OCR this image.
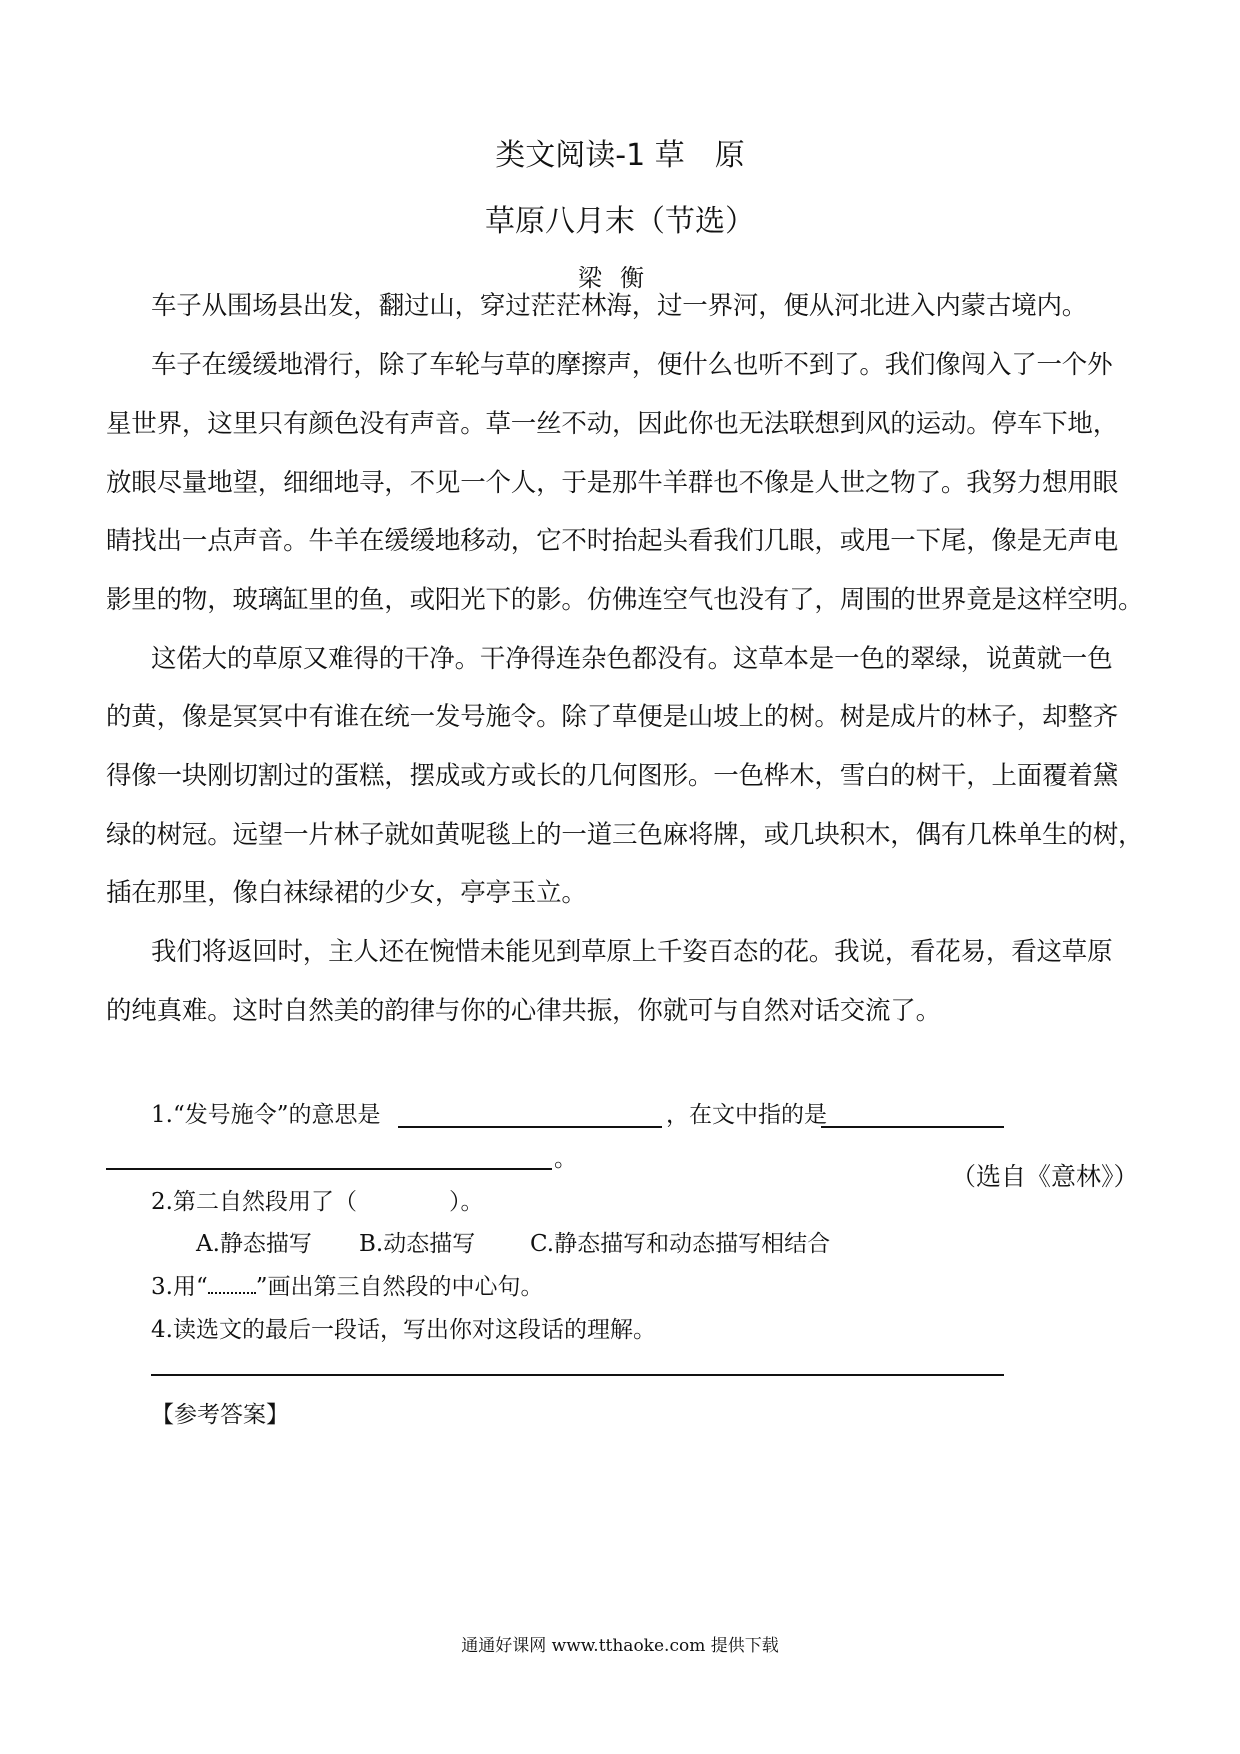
类文阅读-1 草　原
草原八月末（节选）
梁衡
车子从围场县出发，翻过山，穿过茫茫林海，过一界河，便从河北进入内蒙古境内。
车子在缓缓地滑行，除了车轮与草的摩擦声，便什么也听不到了。我们像闯入了一个外
星世界，这里只有颜色没有声音。草一丝不动，因此你也无法联想到风的运动。停车下地，
放眼尽量地望，细细地寻，不见一个人，于是那牛羊群也不像是人世之物了。我努力想用眼
睛找出一点声音。牛羊在缓缓地移动，它不时抬起头看我们几眼，或甩一下尾，像是无声电
影里的物，玻璃缸里的鱼，或阳光下的影。仿佛连空气也没有了，周围的世界竟是这样空明。
这偌大的草原又难得的干净。干净得连杂色都没有。这草本是一色的翠绿，说黄就一色
的黄，像是冥冥中有谁在统一发号施令。除了草便是山坡上的树。树是成片的林子，却整齐
得像一块刚切割过的蛋糕，摆成或方或长的几何图形。一色桦木，雪白的树干，上面覆着黛
绿的树冠。远望一片林子就如黄呢毯上的一道三色麻将牌，或几块积木，偶有几株单生的树，
插在那里，像白袜绿裙的少女，亭亭玉立。
我们将返回时，主人还在惋惜未能见到草原上千姿百态的花。我说，看花易，看这草原
的纯真难。这时自然美的韵律与你的心律共振，你就可与自然对话交流了。
（选自《意林》）
1.“发号施令”的意思是	，在文中指的是
。
2.第二自然段用了（　　　　）。
A.静态描写 B.动态描写 C.静态描写和动态描写相结合
3.用“ ”画出第三自然段的中心句。
4.读选文的最后一段话，写出你对这段话的理解。
【参考答案】
通通好课网 www.tthaoke.com 提供下载
